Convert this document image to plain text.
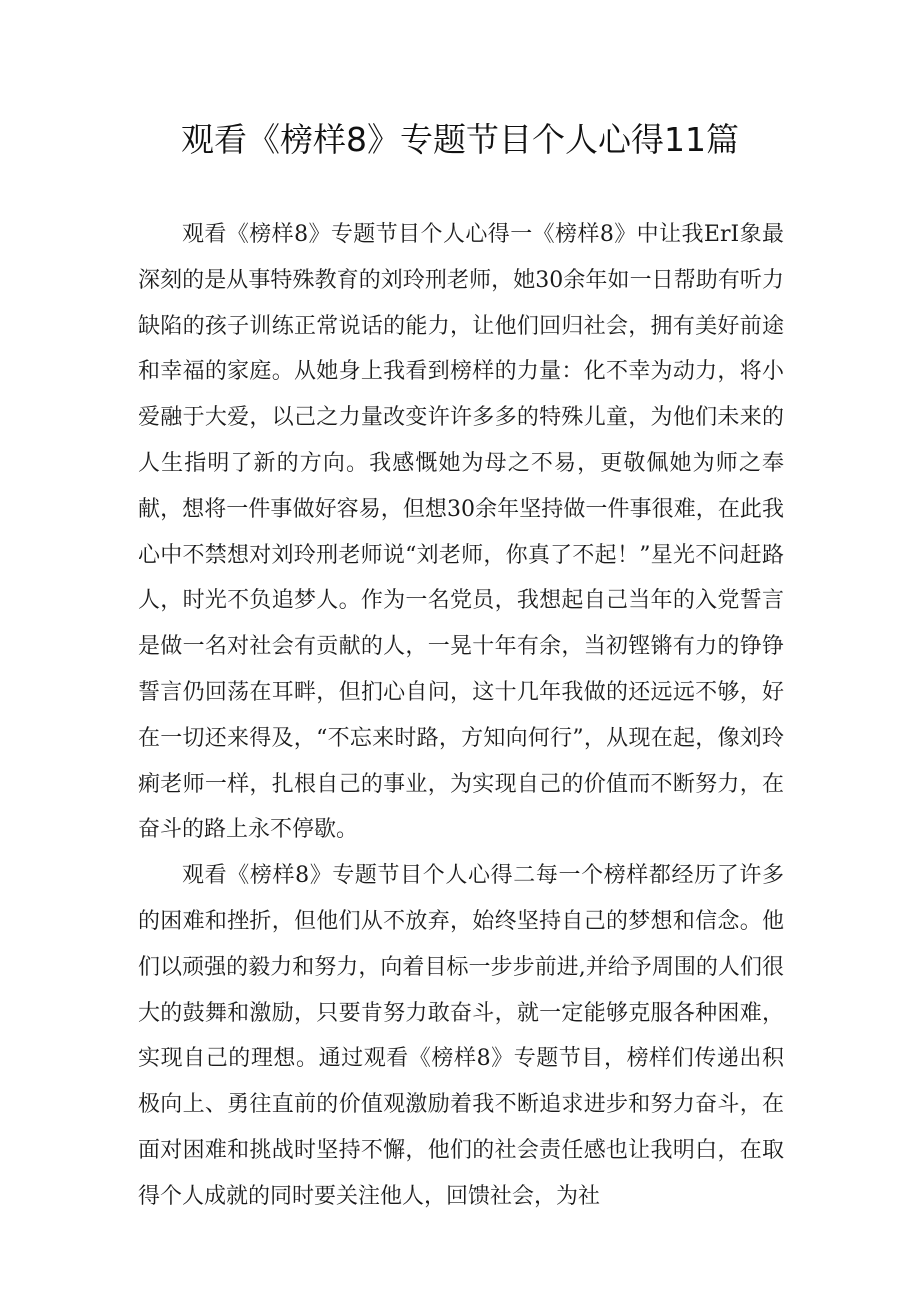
观看《榜样8》专题节目个人心得11篇

观看《榜样8》专题节目个人心得一《榜样8》中让我ErI象最深刻的是从事特殊教育的刘玲刑老师，她30余年如一日帮助有听力缺陷的孩子训练正常说话的能力，让他们回归社会，拥有美好前途和幸福的家庭。从她身上我看到榜样的力量：化不幸为动力，将小爱融于大爱，以己之力量改变许许多多的特殊儿童，为他们未来的人生指明了新的方向。我感慨她为母之不易，更敬佩她为师之奉献，想将一件事做好容易，但想30余年坚持做一件事很难，在此我心中不禁想对刘玲刑老师说“刘老师，你真了不起！”星光不问赶路人，时光不负追梦人。作为一名党员，我想起自己当年的入党誓言是做一名对社会有贡献的人，一晃十年有余，当初铿锵有力的铮铮誓言仍回荡在耳畔，但扪心自问，这十几年我做的还远远不够，好在一切还来得及，“不忘来时路，方知向何行”，从现在起，像刘玲痢老师一样，扎根自己的事业，为实现自己的价值而不断努力，在奋斗的路上永不停歇。

观看《榜样8》专题节目个人心得二每一个榜样都经历了许多的困难和挫折，但他们从不放弃，始终坚持自己的梦想和信念。他们以顽强的毅力和努力，向着目标一步步前进,并给予周围的人们很大的鼓舞和激励，只要肯努力敢奋斗，就一定能够克服各种困难，实现自己的理想。通过观看《榜样8》专题节目，榜样们传递出积极向上、勇往直前的价值观激励着我不断追求进步和努力奋斗，在面对困难和挑战时坚持不懈，他们的社会责任感也让我明白，在取得个人成就的同时要关注他人，回馈社会，为社
